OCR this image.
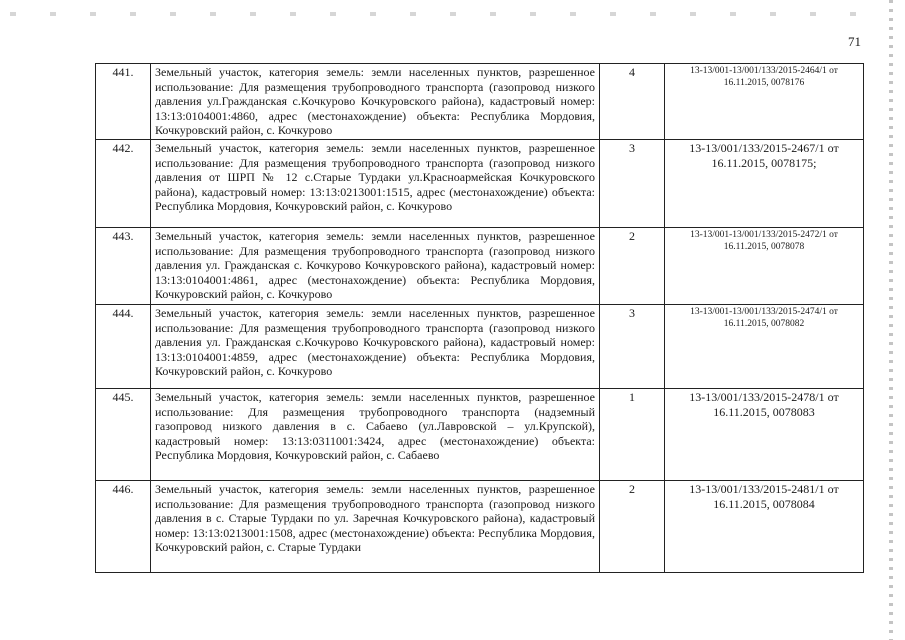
71
441.	Земельный участок, категория земель: земли населенных пунктов, разрешенное использование: Для размещения трубопроводного транспорта (газопровод низкого давления ул.Гражданская с.Кочкурово Кочкуровского района), кадастровый номер: 13:13:0104001:4860, адрес (местонахождение) объекта: Республика Мордовия, Кочкуровский район, с. Кочкурово	4	13-13/001-13/001/133/2015-2464/1 от 16.11.2015, 0078176
442.	Земельный участок, категория земель: земли населенных пунктов, разрешенное использование: Для размещения трубопроводного транспорта (газопровод низкого давления от ШРП № 12 с.Старые Турдаки ул.Красноармейская Кочкуровского района), кадастровый номер: 13:13:0213001:1515, адрес (местонахождение) объекта: Республика Мордовия, Кочкуровский район, с. Кочкурово	3	13-13/001/133/2015-2467/1 от 16.11.2015, 0078175;
443.	Земельный участок, категория земель: земли населенных пунктов, разрешенное использование: Для размещения трубопроводного транспорта (газопровод низкого давления ул. Гражданская с. Кочкурово Кочкуровского района), кадастровый номер: 13:13:0104001:4861, адрес (местонахождение) объекта: Республика Мордовия, Кочкуровский район, с. Кочкурово	2	13-13/001-13/001/133/2015-2472/1 от 16.11.2015, 0078078
444.	Земельный участок, категория земель: земли населенных пунктов, разрешенное использование: Для размещения трубопроводного транспорта (газопровод низкого давления ул. Гражданская с.Кочкурово Кочкуровского района), кадастровый номер: 13:13:0104001:4859, адрес (местонахождение) объекта: Республика Мордовия, Кочкуровский район, с. Кочкурово	3	13-13/001-13/001/133/2015-2474/1 от 16.11.2015, 0078082
445.	Земельный участок, категория земель: земли населенных пунктов, разрешенное использование: Для размещения трубопроводного транспорта (надземный газопровод низкого давления в с. Сабаево (ул.Лавровской – ул.Крупской), кадастровый номер: 13:13:0311001:3424, адрес (местонахождение) объекта: Республика Мордовия, Кочкуровский район, с. Сабаево	1	13-13/001/133/2015-2478/1 от 16.11.2015, 0078083
446.	Земельный участок, категория земель: земли населенных пунктов, разрешенное использование: Для размещения трубопроводного транспорта (газопровод низкого давления в с. Старые Турдаки по ул. Заречная Кочкуровского района), кадастровый номер: 13:13:0213001:1508, адрес (местонахождение) объекта: Республика Мордовия, Кочкуровский район, с. Старые Турдаки	2	13-13/001/133/2015-2481/1 от 16.11.2015, 0078084
